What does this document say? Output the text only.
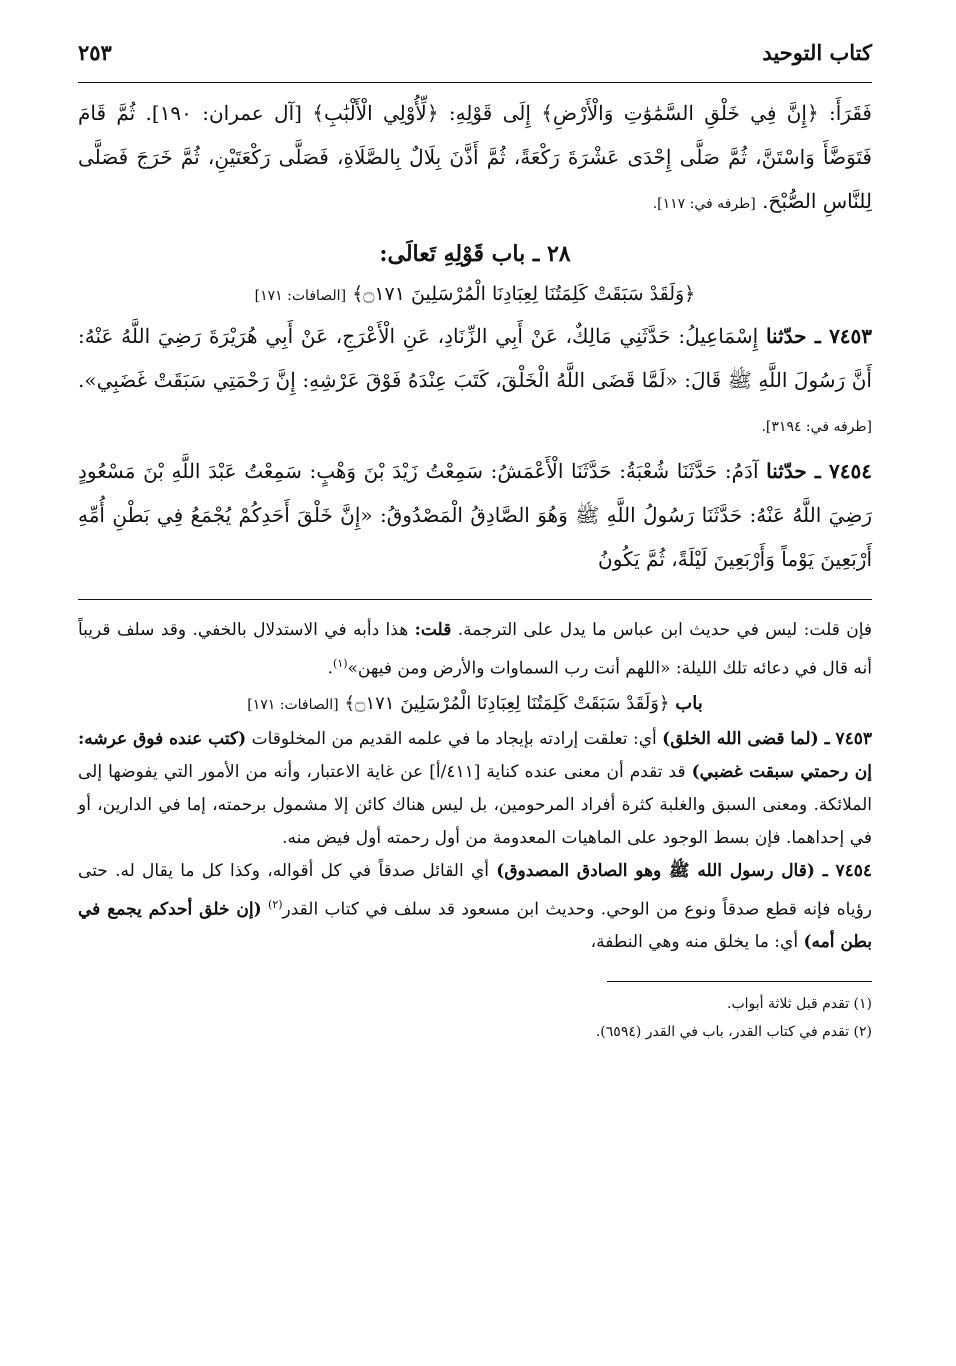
كتاب التوحيد
٢٥٣

فَقَرَأَ: ﴿إِنَّ فِي خَلْقِ السَّمَٰوَٰتِ وَالْأَرْضِ﴾ إِلَى قَوْلِهِ: ﴿لِّأُوْلِي الْأَلْبَٰبِ﴾ [آل عمران: ١٩٠]. ثُمَّ قَامَ فَتَوَضَّأَ وَاسْتَنَّ، ثُمَّ صَلَّى إِحْدَى عَشْرَةَ رَكْعَةً، ثُمَّ أَذَّنَ بِلَالٌ بِالصَّلَاةِ، فَصَلَّى رَكْعَتَيْنِ، ثُمَّ خَرَجَ فَصَلَّى لِلنَّاسِ الصُّبْحَ. [طرفه في: ١١٧].

٢٨ ـ باب قَوْلِهِ تَعالَى:
﴿وَلَقَدْ سَبَقَتْ كَلِمَتُنَا لِعِبَادِنَا الْمُرْسَلِينَ ۝١٧١﴾ [الصافات: ١٧١]

٧٤٥٣ ـ حدّثنا إِسْمَاعِيلُ: حَدَّثَنِي مَالِكٌ، عَنْ أَبِي الزِّنَادِ، عَنِ الْأَعْرَجِ، عَنْ أَبِي هُرَيْرَةَ رَضِيَ اللَّهُ عَنْهُ: أَنَّ رَسُولَ اللَّهِ ﷺ قَالَ: «لَمَّا قَضَى اللَّهُ الْخَلْقَ، كَتَبَ عِنْدَهُ فَوْقَ عَرْشِهِ: إِنَّ رَحْمَتِي سَبَقَتْ غَضَبِي». [طرفه في: ٣١٩٤].

٧٤٥٤ ـ حدّثنا آدَمُ: حَدَّثَنَا شُعْبَةُ: حَدَّثَنَا الْأَعْمَشُ: سَمِعْتُ زَيْدَ بْنَ وَهْبٍ: سَمِعْتُ عَبْدَ اللَّهِ بْنَ مَسْعُودٍ رَضِيَ اللَّهُ عَنْهُ: حَدَّثَنَا رَسُولُ اللَّهِ ﷺ وَهُوَ الصَّادِقُ الْمَصْدُوقُ: «إِنَّ خَلْقَ أَحَدِكُمْ يُجْمَعُ فِي بَطْنِ أُمِّهِ أَرْبَعِينَ يَوْماً وَأَرْبَعِينَ لَيْلَةً، ثُمَّ يَكُونُ

فإن قلت: ليس في حديث ابن عباس ما يدل على الترجمة. قلت: هذا دأبه في الاستدلال بالخفي. وقد سلف قريباً أنه قال في دعائه تلك الليلة: «اللهم أنت رب السماوات والأرض ومن فيهن»$^{(١)}$.

باب ﴿وَلَقَدْ سَبَقَتْ كَلِمَتُنَا لِعِبَادِنَا الْمُرْسَلِينَ ۝١٧١﴾ [الصافات: ١٧١]

٧٤٥٣ ـ (لما قضى الله الخلق) أي: تعلقت إرادته بإيجاد ما في علمه القديم من المخلوقات (كتب عنده فوق عرشه: إن رحمتي سبقت غضبي) قد تقدم أن معنى عنده كناية [٤١١/أ] عن غاية الاعتبار، وأنه من الأمور التي يفوضها إلى الملائكة. ومعنى السبق والغلبة كثرة أفراد المرحومين، بل ليس هناك كائن إلا مشمول برحمته، إما في الدارين، أو في إحداهما. فإن بسط الوجود على الماهيات المعدومة من أول رحمته أول فيض منه.

٧٤٥٤ ـ (قال رسول الله ﷺ وهو الصادق المصدوق) أي القائل صدقاً في كل أقواله، وكذا كل ما يقال له. حتى رؤياه فإنه قطع صدقاً ونوع من الوحي. وحديث ابن مسعود قد سلف في كتاب القدر$^{(٢)}$ (إن خلق أحدكم يجمع في بطن أمه) أي: ما يخلق منه وهي النطفة،

(١) تقدم قبل ثلاثة أبواب.
(٢) تقدم في كتاب القدر، باب في القدر (٦٥٩٤).
